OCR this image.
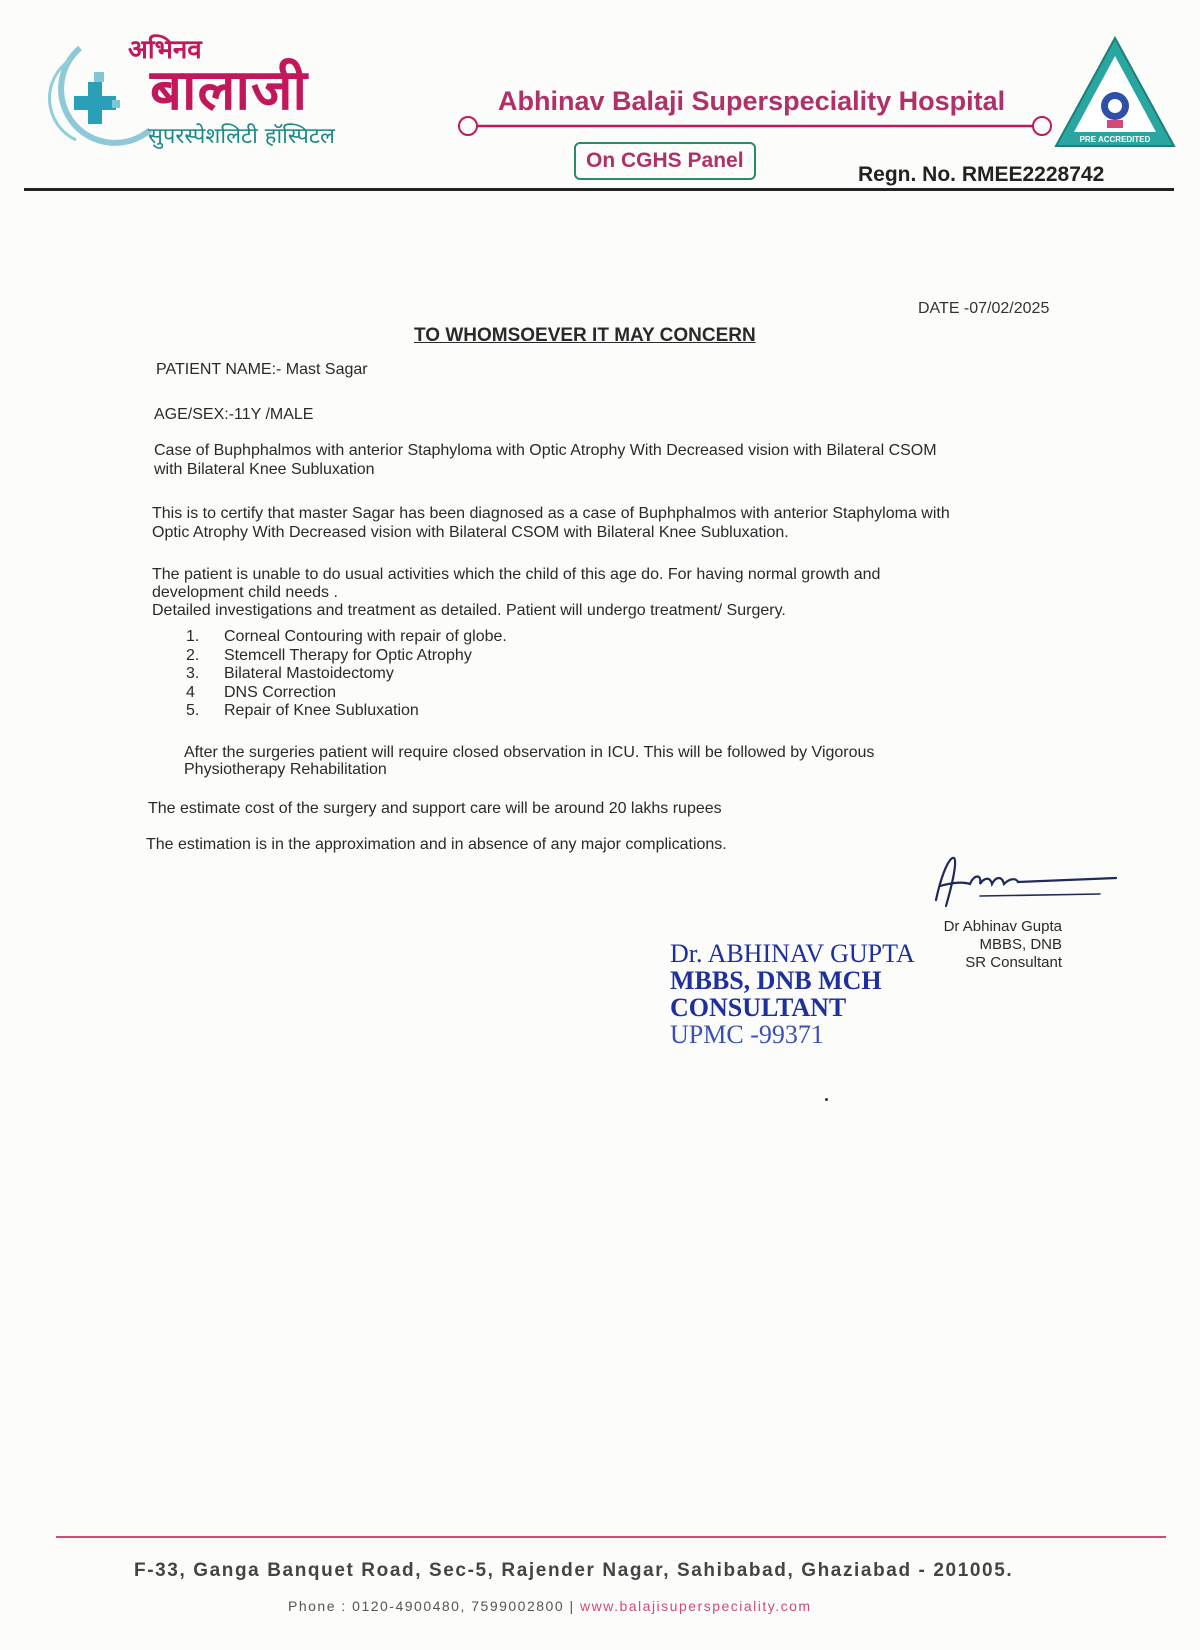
अभिनव
बालाजी
सुपरस्पेशलिटी हॉस्पिटल
Abhinav Balaji Superspeciality Hospital
On CGHS Panel
Regn. No. RMEE2228742
PRE ACCREDITED
DATE -07/02/2025
TO WHOMSOEVER IT MAY CONCERN
PATIENT NAME:- Mast Sagar
AGE/SEX:-11Y /MALE

Case of Buphphalmos with anterior Staphyloma with Optic Atrophy With Decreased vision with Bilateral CSOM

with Bilateral Knee Subluxation

This is to certify that master Sagar has been diagnosed as a case of Buphphalmos with anterior Staphyloma with

Optic Atrophy With Decreased vision with Bilateral CSOM with Bilateral Knee Subluxation.

The patient is unable to do usual activities which the child of this age do. For having normal growth and

development child needs .

Detailed investigations and treatment as detailed. Patient will undergo treatment/ Surgery.

1.	Corneal Contouring with repair of globe.
2.	Stemcell Therapy for Optic Atrophy
3.	Bilateral Mastoidectomy
4	DNS Correction
5.	Repair of Knee Subluxation
After the surgeries patient will require closed observation in ICU. This will be followed by Vigorous
Physiotherapy Rehabilitation
The estimate cost of the surgery and support care will be around 20 lakhs rupees
The estimation is in the approximation and in absence of any major complications.
Dr Abhinav Gupta
MBBS, DNB
SR Consultant
Dr. ABHINAV GUPTA
MBBS, DNB MCH
CONSULTANT
UPMC -99371
F-33, Ganga Banquet Road, Sec-5, Rajender Nagar, Sahibabad, Ghaziabad - 201005.
Phone : 0120-4900480, 7599002800 | www.balajisuperspeciality.com
